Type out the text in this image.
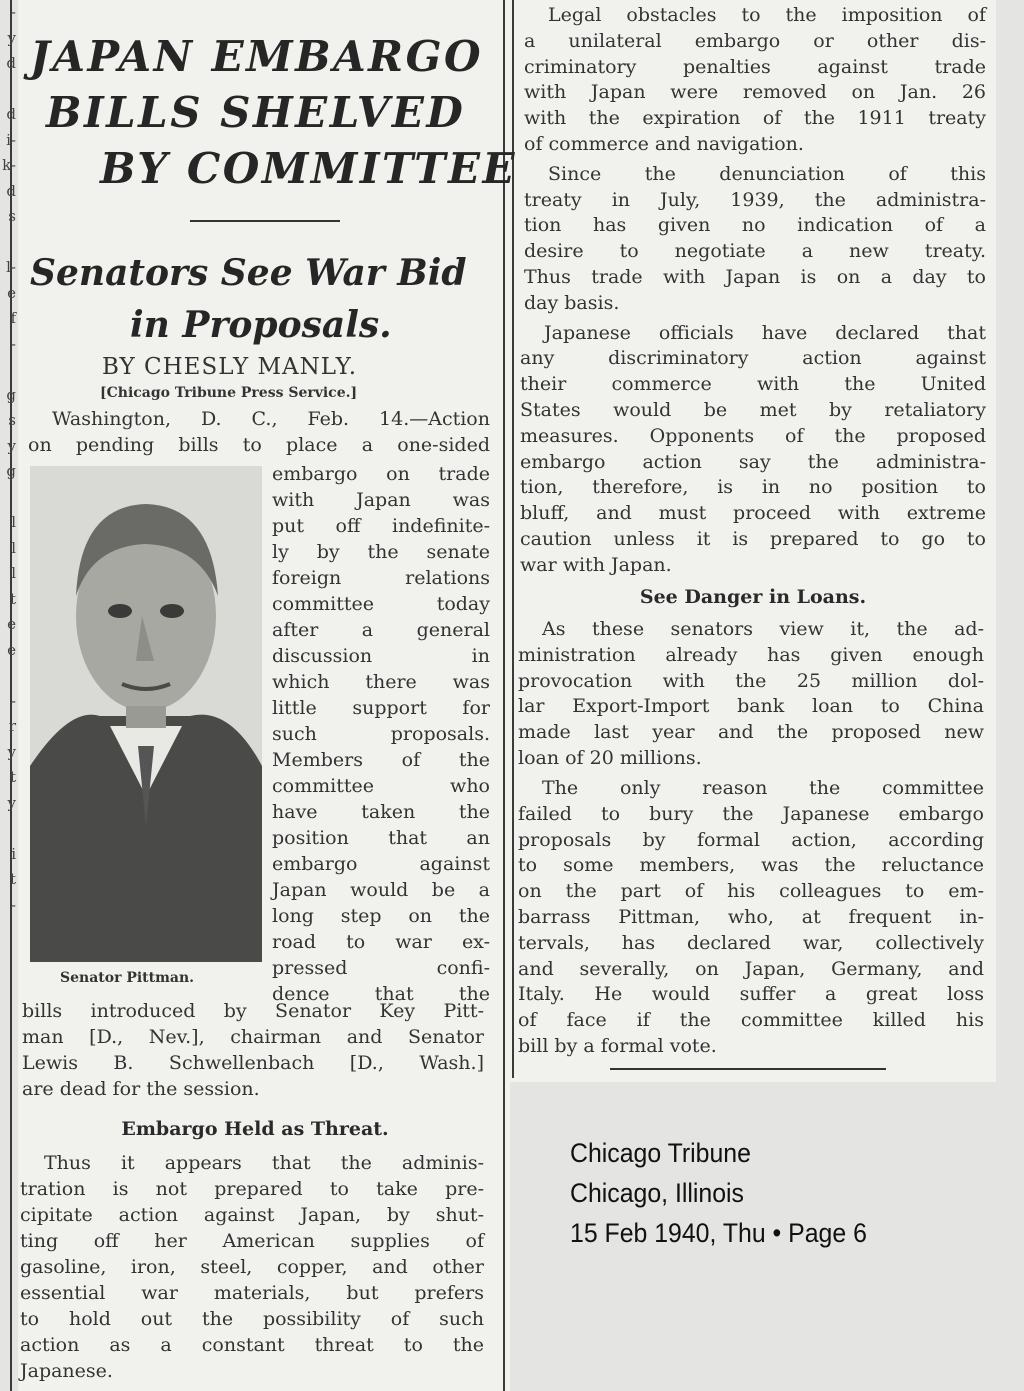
-
y
d
d
i-
k-
d
s
l-
e
f
-
g
s
y
g
l
l
l
t
e
e
-
r
y
t
y
i
t
-
JAPAN EMBARGO
BILLS SHELVED
BY COMMITTEE
Senators See War Bid
in Proposals.
BY CHESLY MANLY.
[Chicago Tribune Press Service.]
Senator Pittman.
Washington, D. C., Feb. 14.—Action
on pending bills to place a one-sided
embargo on trade
with Japan was
put off indefinite-
ly by the senate
foreign relations
committee today
after a general
discussion in
which there was
little support for
such proposals.
Members of the
committee who
have taken the
position that an
embargo against
Japan would be a
long step on the
road to war ex-
pressed confi-
dence that the
bills introduced by Senator Key Pitt-
man [D., Nev.], chairman and Senator
Lewis B. Schwellenbach [D., Wash.]
are dead for the session.
Thus it appears that the adminis-
tration is not prepared to take pre-
cipitate action against Japan, by shut-
ting off her American supplies of
gasoline, iron, steel, copper, and other
essential war materials, but prefers
to hold out the possibility of such
action as a constant threat to the
Japanese.
Legal obstacles to the imposition of
a unilateral embargo or other dis-
criminatory penalties against trade
with Japan were removed on Jan. 26
with the expiration of the 1911 treaty
of commerce and navigation.
Since the denunciation of this
treaty in July, 1939, the administra-
tion has given no indication of a
desire to negotiate a new treaty.
Thus trade with Japan is on a day to
day basis.
Japanese officials have declared that
any discriminatory action against
their commerce with the United
States would be met by retaliatory
measures. Opponents of the proposed
embargo action say the administra-
tion, therefore, is in no position to
bluff, and must proceed with extreme
caution unless it is prepared to go to
war with Japan.
As these senators view it, the ad-
ministration already has given enough
provocation with the 25 million dol-
lar Export-Import bank loan to China
made last year and the proposed new
loan of 20 millions.
The only reason the committee
failed to bury the Japanese embargo
proposals by formal action, according
to some members, was the reluctance
on the part of his colleagues to em-
barrass Pittman, who, at frequent in-
tervals, has declared war, collectively
and severally, on Japan, Germany, and
Italy. He would suffer a great loss
of face if the committee killed his
bill by a formal vote.
Embargo Held as Threat.
See Danger in Loans.
Chicago Tribune
Chicago, Illinois
15 Feb 1940, Thu • Page 6
